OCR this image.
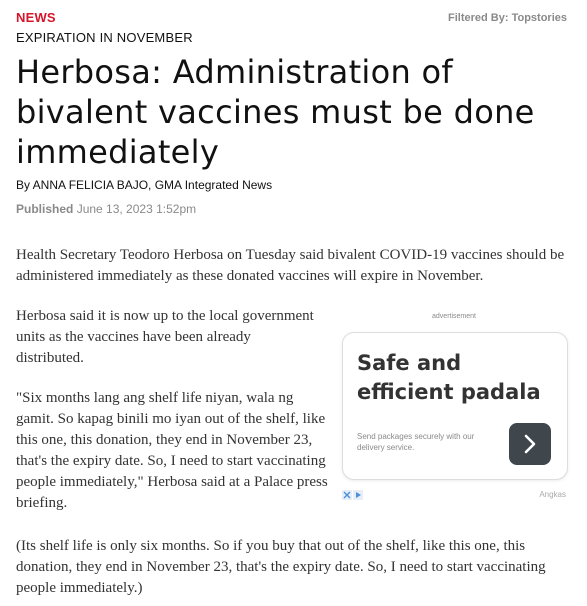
NEWS	Filtered By: Topstories
EXPIRATION IN NOVEMBER
Herbosa: Administration of bivalent vaccines must be done immediately
By ANNA FELICIA BAJO, GMA Integrated News
Published June 13, 2023 1:52pm

Health Secretary Teodoro Herbosa on Tuesday said bivalent COVID-19 vaccines should be administered immediately as these donated vaccines will expire in November.

Herbosa said it is now up to the local government units as the vaccines have been already distributed.

"Six months lang ang shelf life niyan, wala ng gamit. So kapag binili mo iyan out of the shelf, like this one, this donation, they end in November 23, that's the expiry date. So, I need to start vaccinating people immediately," Herbosa said at a Palace press briefing.

(Its shelf life is only six months. So if you buy that out of the shelf, like this one, this donation, they end in November 23, that's the expiry date. So, I need to start vaccinating people immediately.)

advertisement
Safe and efficient padala
Send packages securely with our delivery service.
Angkas
